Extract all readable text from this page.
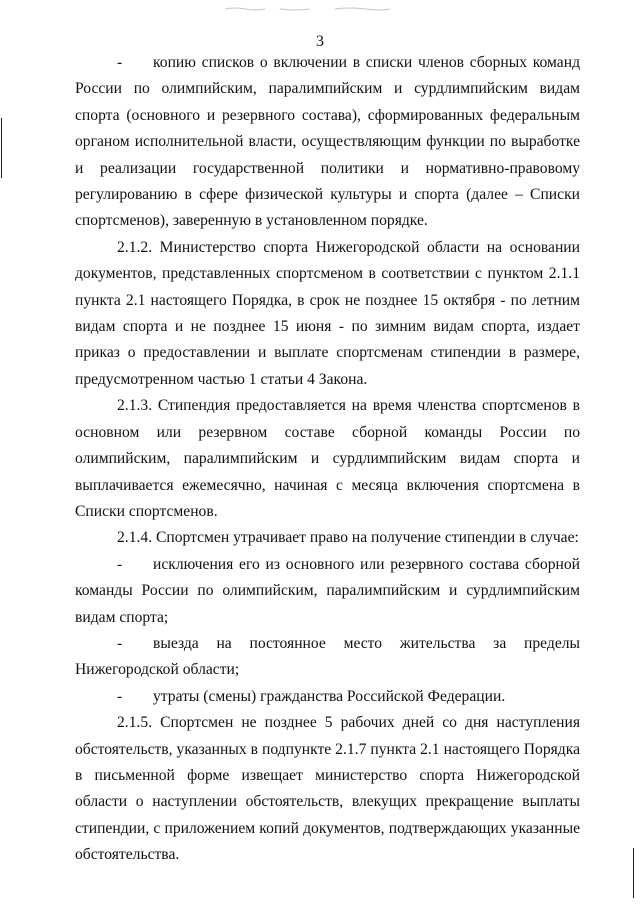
3

- копию списков о включении в списки членов сборных команд России по олимпийским, паралимпийским и сурдлимпийским видам спорта (основного и резервного состава), сформированных федеральным органом исполнительной власти, осуществляющим функции по выработке и реализации государственной политики и нормативно-правовому регулированию в сфере физической культуры и спорта (далее – Списки спортсменов), заверенную в установленном порядке.

2.1.2. Министерство спорта Нижегородской области на основании документов, представленных спортсменом в соответствии с пунктом 2.1.1 пункта 2.1 настоящего Порядка, в срок не позднее 15 октября - по летним видам спорта и не позднее 15 июня - по зимним видам спорта, издает приказ о предоставлении и выплате спортсменам стипендии в размере, предусмотренном частью 1 статьи 4 Закона.

2.1.3. Стипендия предоставляется на время членства спортсменов в основном или резервном составе сборной команды России по олимпийским, паралимпийским и сурдлимпийским видам спорта и выплачивается ежемесячно, начиная с месяца включения спортсмена в Списки спортсменов.

2.1.4. Спортсмен утрачивает право на получение стипендии в случае:

- исключения его из основного или резервного состава сборной команды России по олимпийским, паралимпийским и сурдлимпийским видам спорта;

- выезда на постоянное место жительства за пределы Нижегородской области;

- утраты (смены) гражданства Российской Федерации.

2.1.5. Спортсмен не позднее 5 рабочих дней со дня наступления обстоятельств, указанных в подпункте 2.1.7 пункта 2.1 настоящего Порядка в письменной форме извещает министерство спорта Нижегородской области о наступлении обстоятельств, влекущих прекращение выплаты стипендии, с приложением копий документов, подтверждающих указанные обстоятельства.
